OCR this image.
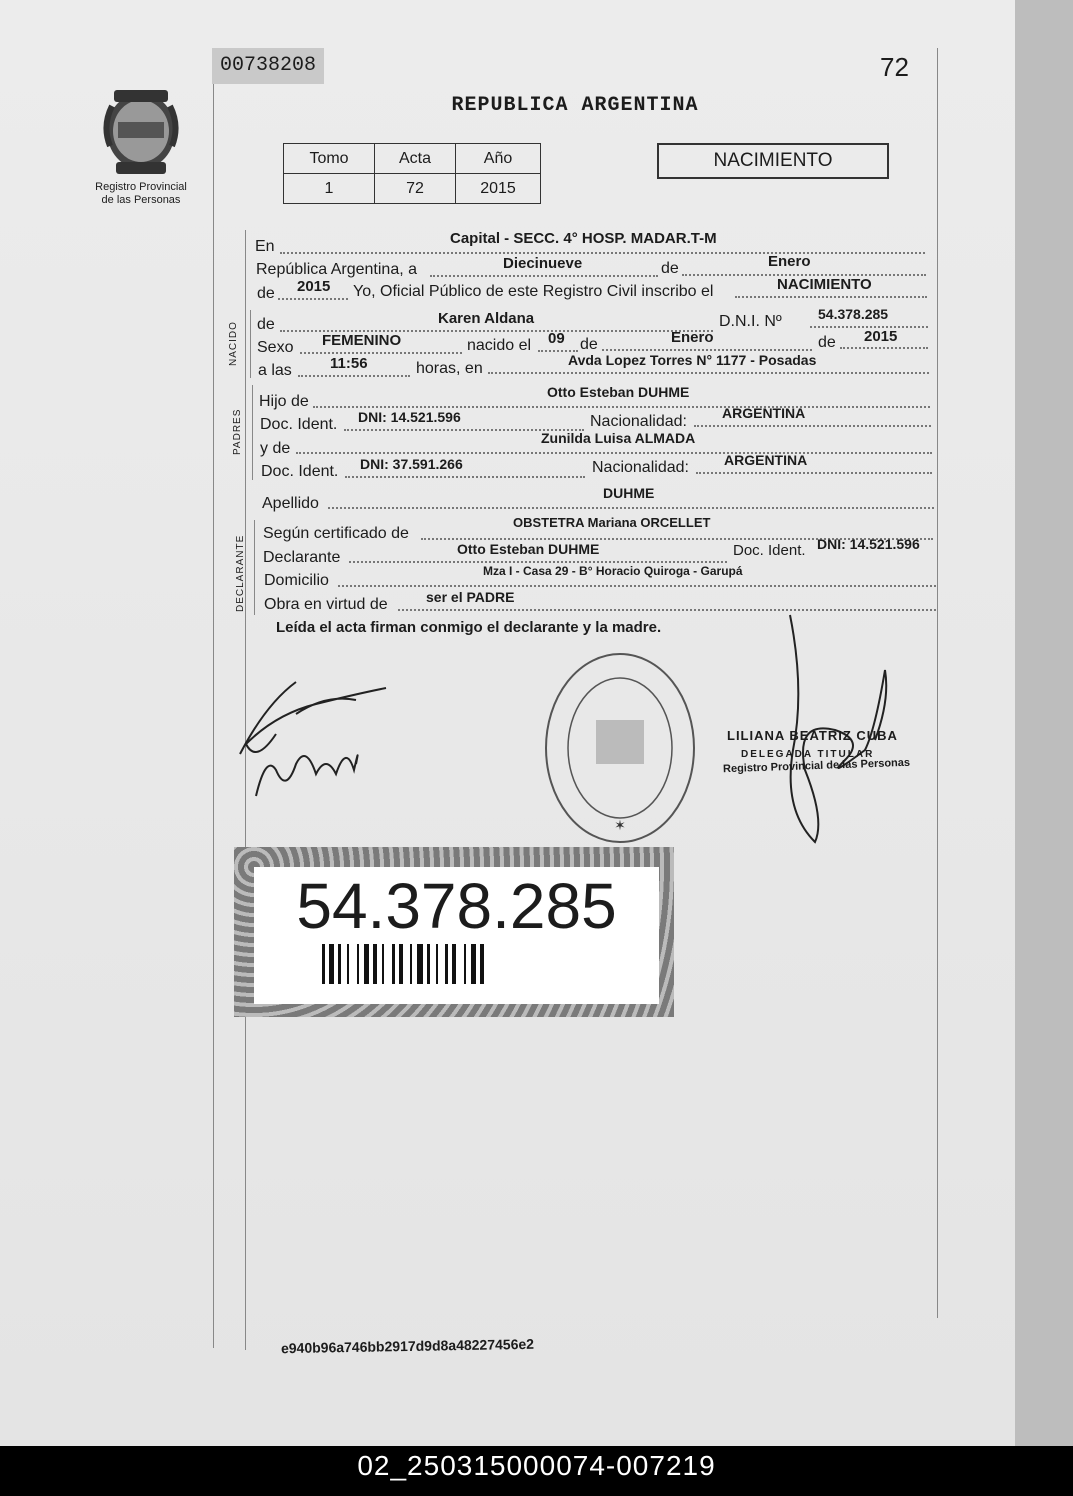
Registro Provincial
de las Personas
00738208	72
REPUBLICA ARGENTINA
Tomo	Acta	Año
1	72	2015
NACIMIENTO
En	Capital - SECC. 4° HOSP. MADAR.T-M
República Argentina, a	Diecinueve	de	Enero
de 2015 Yo, Oficial Público de este Registro Civil inscribo el	NACIMIENTO
NACIDO de	Karen Aldana	D.N.I. Nº	54.378.285
Sexo FEMENINO	nacido el 09 de	Enero	de 2015
a las	11:56	horas, en	Avda Lopez Torres N° 1177 - Posadas
PADRES
Hijo de
Otto Esteban DUHME
Doc. Ident. DNI: 14.521.596	Nacionalidad:	ARGENTINA
y de
Zunilda Luisa ALMADA
Doc. Ident. DNI: 37.591.266	Nacionalidad:	ARGENTINA
Apellido
DUHME
DECLARANTE
Según certificado de
OBSTETRA Mariana ORCELLET
Declarante	Otto Esteban DUHME	Doc. Ident. DNI: 14.521.596
Domicilio
Mza I - Casa 29 - B° Horacio Quiroga - Garupá
Obra en virtud de	ser el PADRE
Leída el acta firman conmigo el declarante y la madre.
✶
LILIANA BEATRIZ CUBA
DELEGADA TITULAR
Registro Provincial de las Personas
54.378.285
e940b96a746bb2917d9d8a48227456e2
02_250315000074-007219
